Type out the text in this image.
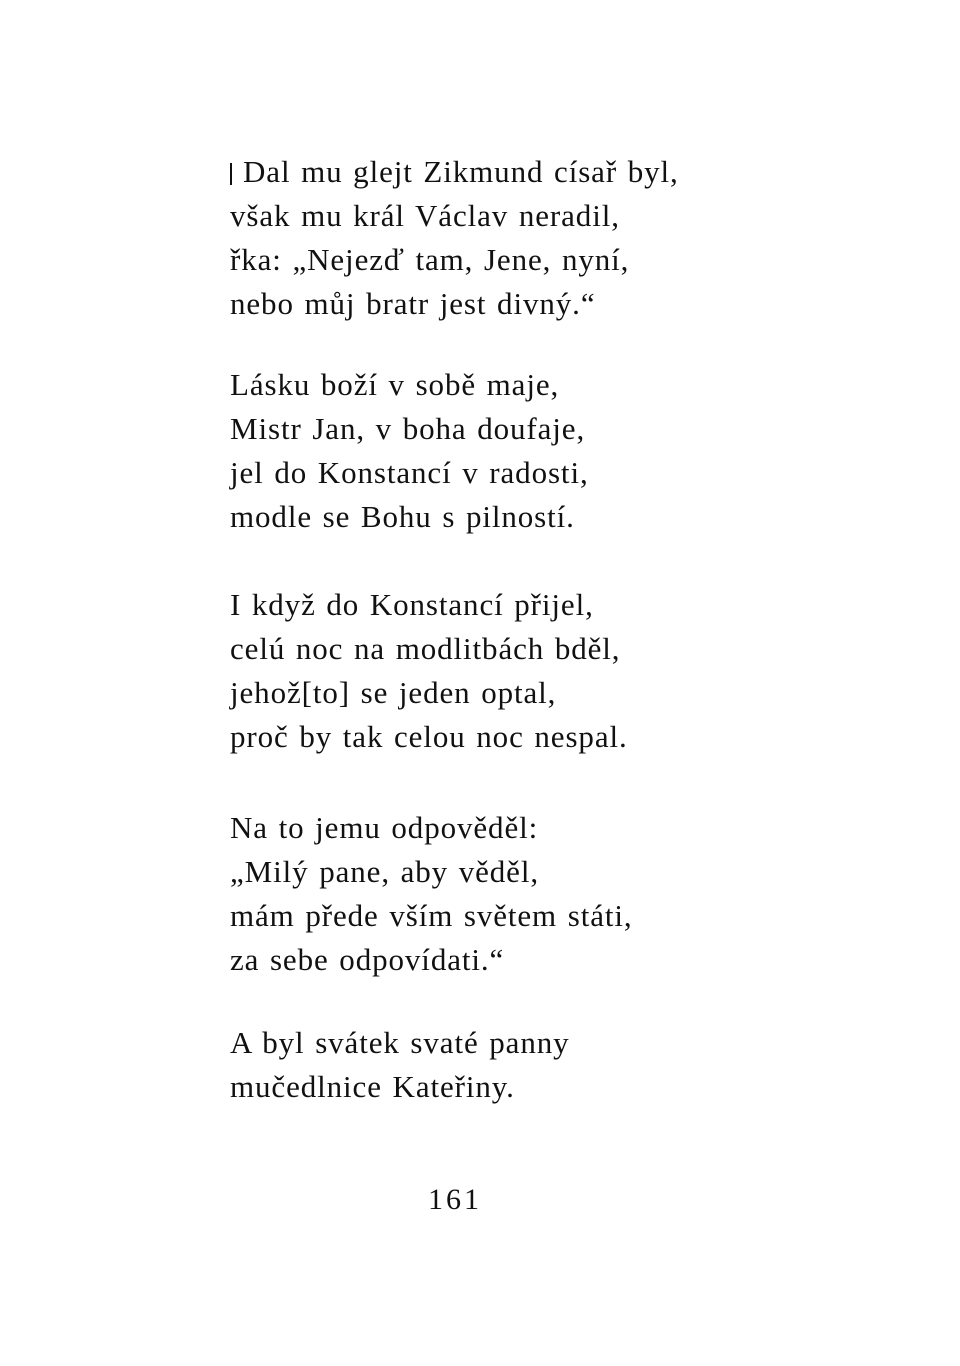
Dal mu glejt Zikmund císař byl,
však mu král Václav neradil,
řka: „Nejezď tam, Jene, nyní,
nebo můj bratr jest divný.“
Lásku boží v sobě maje,
Mistr Jan, v boha doufaje,
jel do Konstancí v radosti,
modle se Bohu s pilností.
I když do Konstancí přijel,
celú noc na modlitbách bděl,
jehož[to] se jeden optal,
proč by tak celou noc nespal.
Na to jemu odpověděl:
„Milý pane, aby věděl,
mám přede vším světem státi,
za sebe odpovídati.“
A byl svátek svaté panny
mučedlnice Kateřiny.
161
